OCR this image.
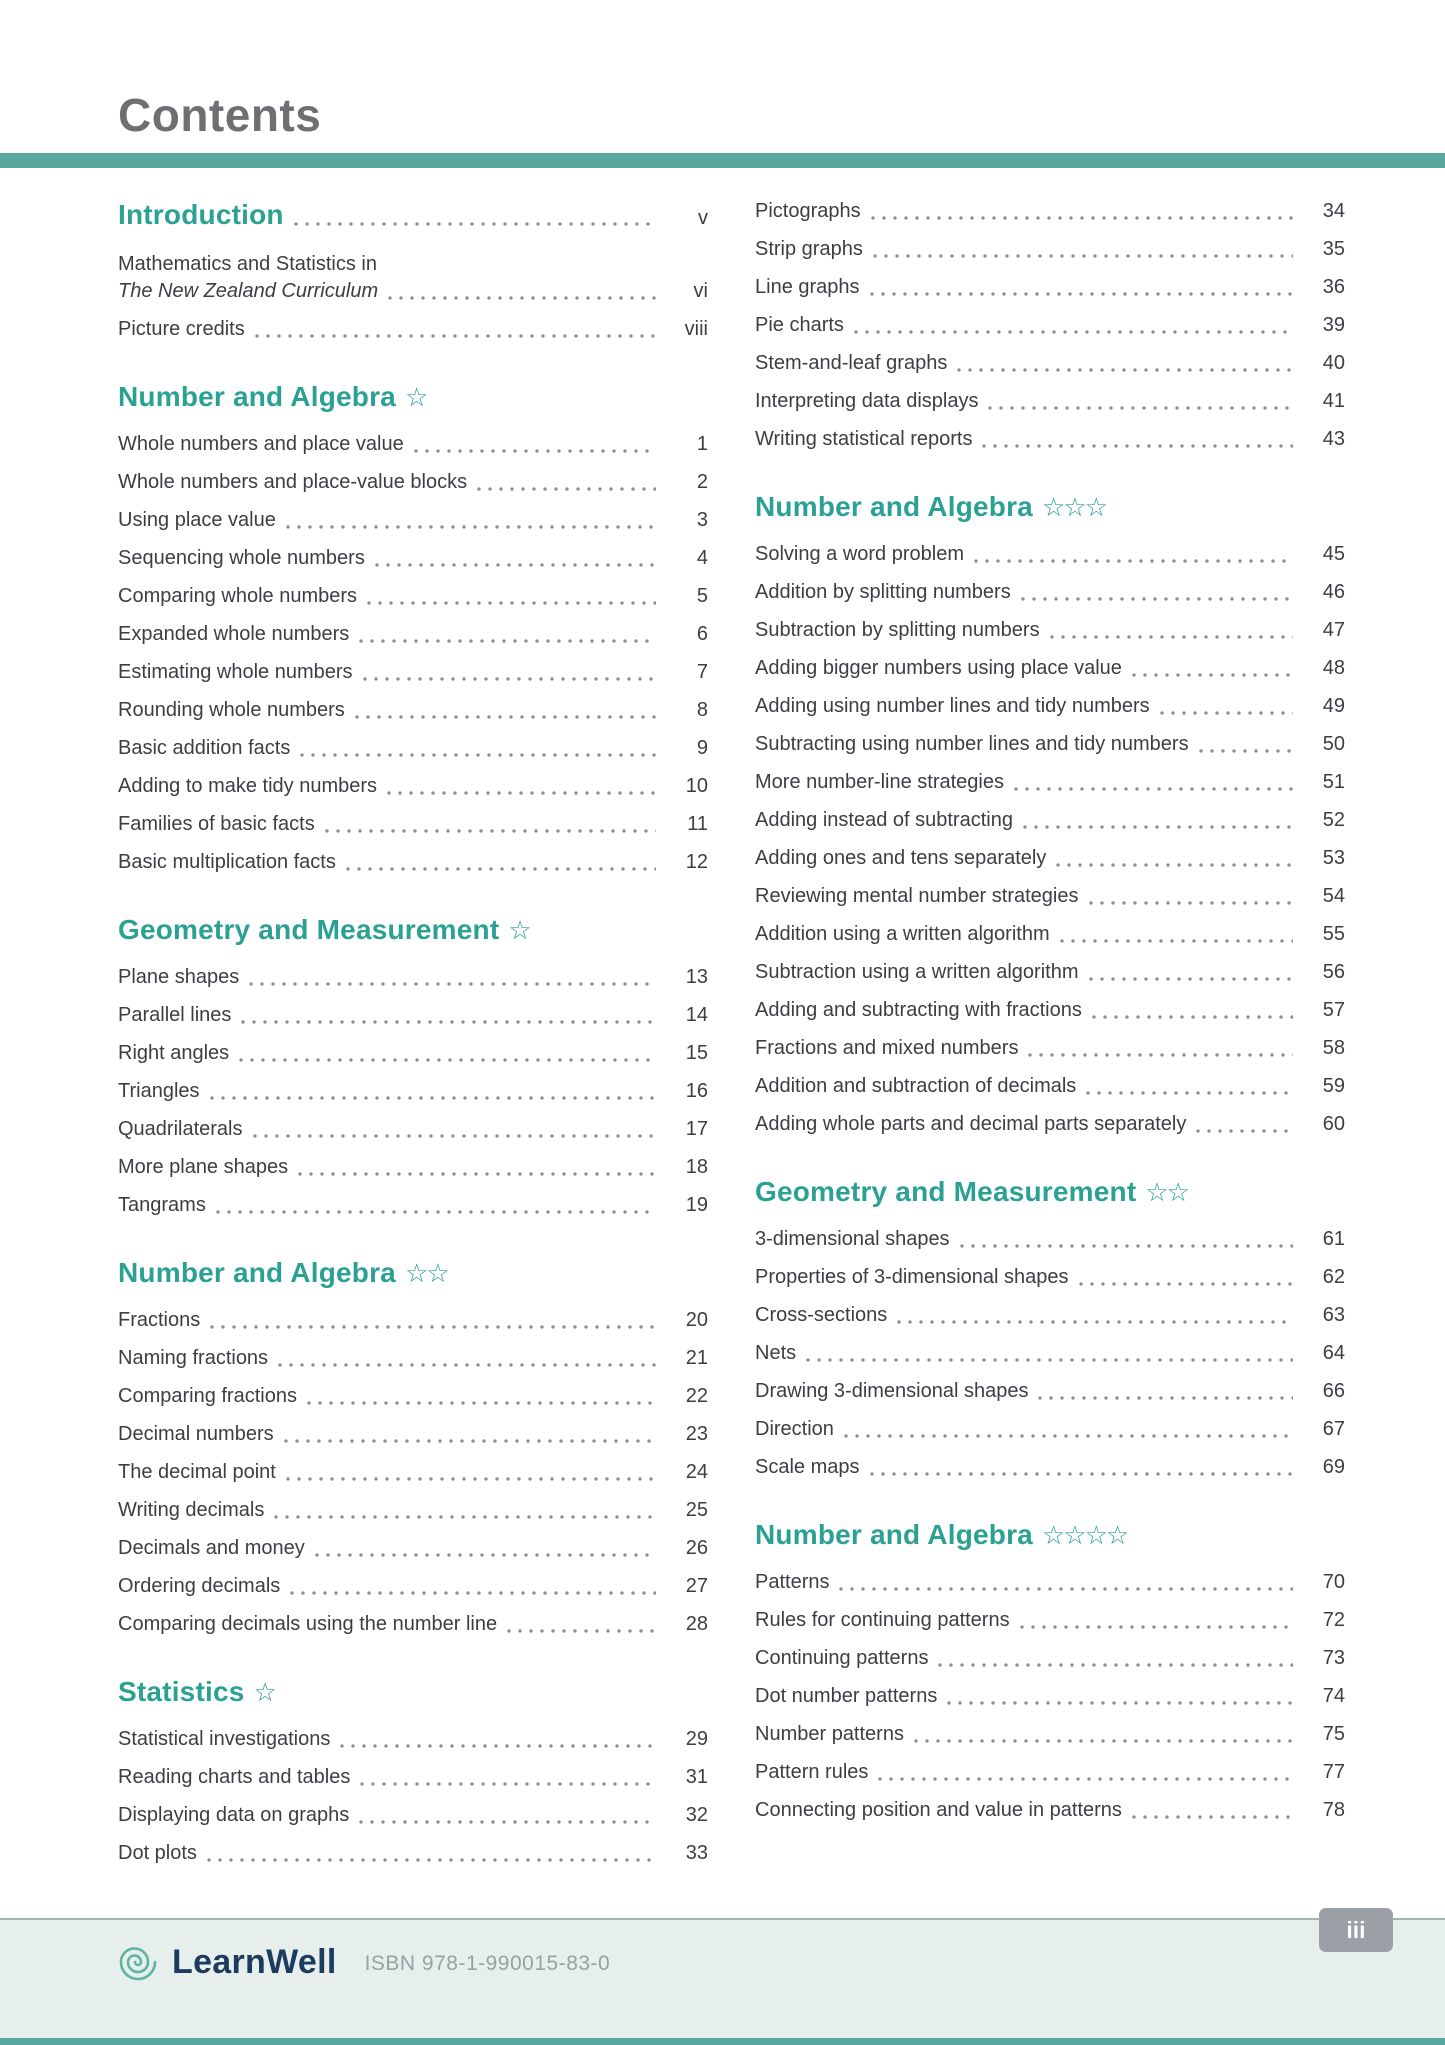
Contents
Introduction	v
Mathematics and Statistics in
The New Zealand Curriculum	vi
Picture credits	viii
Number and Algebra ☆
Whole numbers and place value	1
Whole numbers and place-value blocks	2
Using place value	3
Sequencing whole numbers	4
Comparing whole numbers	5
Expanded whole numbers	6
Estimating whole numbers	7
Rounding whole numbers	8
Basic addition facts	9
Adding to make tidy numbers	10
Families of basic facts	11
Basic multiplication facts	12
Geometry and Measurement ☆
Plane shapes	13
Parallel lines	14
Right angles	15
Triangles	16
Quadrilaterals	17
More plane shapes	18
Tangrams	19
Number and Algebra ☆☆
Fractions	20
Naming fractions	21
Comparing fractions	22
Decimal numbers	23
The decimal point	24
Writing decimals	25
Decimals and money	26
Ordering decimals	27
Comparing decimals using the number line	28
Statistics ☆
Statistical investigations	29
Reading charts and tables	31
Displaying data on graphs	32
Dot plots	33
Pictographs	34
Strip graphs	35
Line graphs	36
Pie charts	39
Stem-and-leaf graphs	40
Interpreting data displays	41
Writing statistical reports	43
Number and Algebra ☆☆☆
Solving a word problem	45
Addition by splitting numbers	46
Subtraction by splitting numbers	47
Adding bigger numbers using place value	48
Adding using number lines and tidy numbers	49
Subtracting using number lines and tidy numbers	50
More number-line strategies	51
Adding instead of subtracting	52
Adding ones and tens separately	53
Reviewing mental number strategies	54
Addition using a written algorithm	55
Subtraction using a written algorithm	56
Adding and subtracting with fractions	57
Fractions and mixed numbers	58
Addition and subtraction of decimals	59
Adding whole parts and decimal parts separately	60
Geometry and Measurement ☆☆
3-dimensional shapes	61
Properties of 3-dimensional shapes	62
Cross-sections	63
Nets	64
Drawing 3-dimensional shapes	66
Direction	67
Scale maps	69
Number and Algebra ☆☆☆☆
Patterns	70
Rules for continuing patterns	72
Continuing patterns	73
Dot number patterns	74
Number patterns	75
Pattern rules	77
Connecting position and value in patterns	78
iii
LearnWell ISBN 978-1-990015-83-0
